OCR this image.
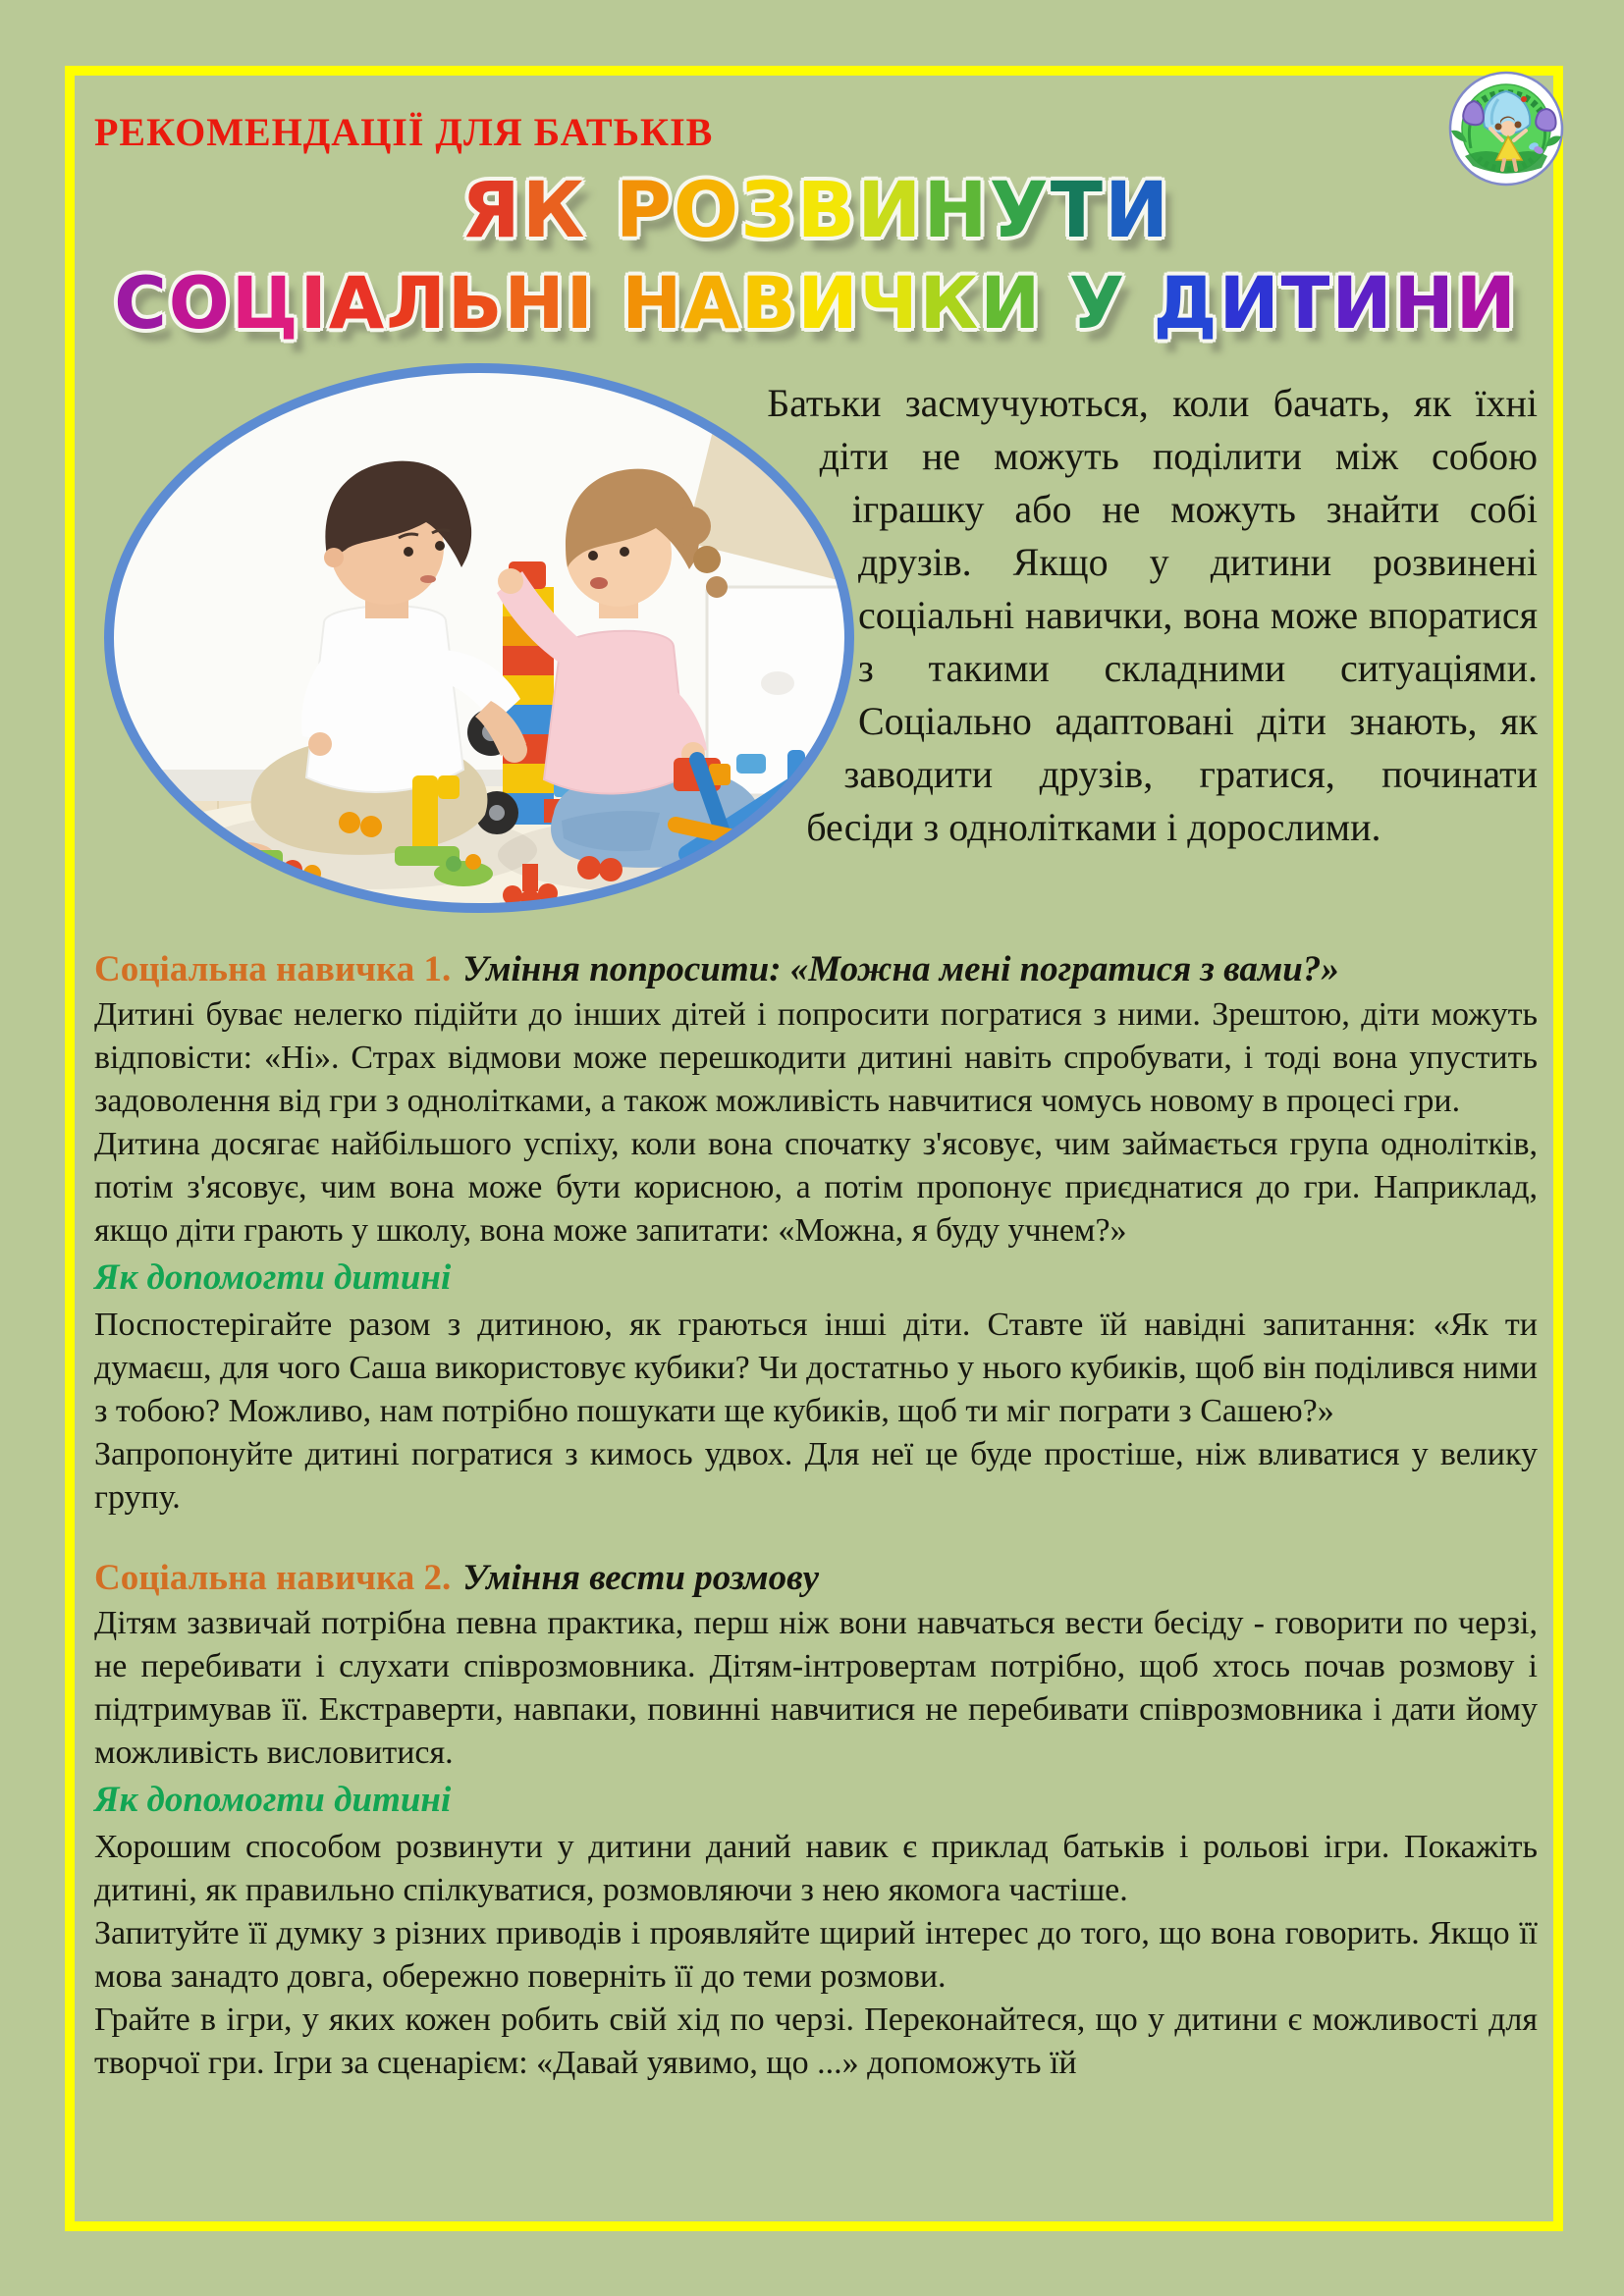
РЕКОМЕНДАЦІЇ ДЛЯ БАТЬКІВ
ЯК РОЗВИНУТИ
СОЦІАЛЬНІ НАВИЧКИ У ДИТИНИ

Батьки засмучуються, коли бачать, як їхні діти не можуть поділити між собою іграшку або не можуть знайти собі друзів. Якщо у дитини розвинені соціальні навички, вона може впоратися з такими складними ситуаціями. Соціально адаптовані діти знають, як заводити друзів, гратися, починати бесіди з однолітками і дорослими.

Соціальна навичка 1. Уміння попросити: «Можна мені погратися з вами?»

Дитині буває нелегко підійти до інших дітей і попросити погратися з ними. Зрештою, діти можуть відповісти: «Ні». Страх відмови може перешкодити дитині навіть спробувати, і тоді вона упустить задоволення від гри з однолітками, а також можливість навчитися чомусь новому в процесі гри.

Дитина досягає найбільшого успіху, коли вона спочатку з'ясовує, чим займається група однолітків, потім з'ясовує, чим вона може бути корисною, а потім пропонує приєднатися до гри. Наприклад, якщо діти грають у школу, вона може запитати: «Можна, я буду учнем?»

Як допомогти дитині

Поспостерігайте разом з дитиною, як граються інші діти. Ставте їй навідні запитання: «Як ти думаєш, для чого Саша використовує кубики? Чи достатньо у нього кубиків, щоб він поділився ними з тобою? Можливо, нам потрібно пошукати ще кубиків, щоб ти міг пограти з Сашею?»

Запропонуйте дитині погратися з кимось удвох. Для неї це буде простіше, ніж вливатися у велику групу.

Соціальна навичка 2. Уміння вести розмову

Дітям зазвичай потрібна певна практика, перш ніж вони навчаться вести бесіду - говорити по черзі, не перебивати і слухати співрозмовника. Дітям-інтровертам потрібно, щоб хтось почав розмову і підтримував її. Екстраверти, навпаки, повинні навчитися не перебивати співрозмовника і дати йому можливість висловитися.

Як допомогти дитині

Хорошим способом розвинути у дитини даний навик є приклад батьків і рольові ігри. Покажіть дитині, як правильно спілкуватися, розмовляючи з нею якомога частіше.

Запитуйте її думку з різних приводів і проявляйте щирий інтерес до того, що вона говорить. Якщо її мова занадто довга, обережно поверніть її до теми розмови.

Грайте в ігри, у яких кожен робить свій хід по черзі. Переконайтеся, що у дитини є можливості для творчої гри. Ігри за сценарієм: «Давай уявимо, що ...» допоможуть їй
